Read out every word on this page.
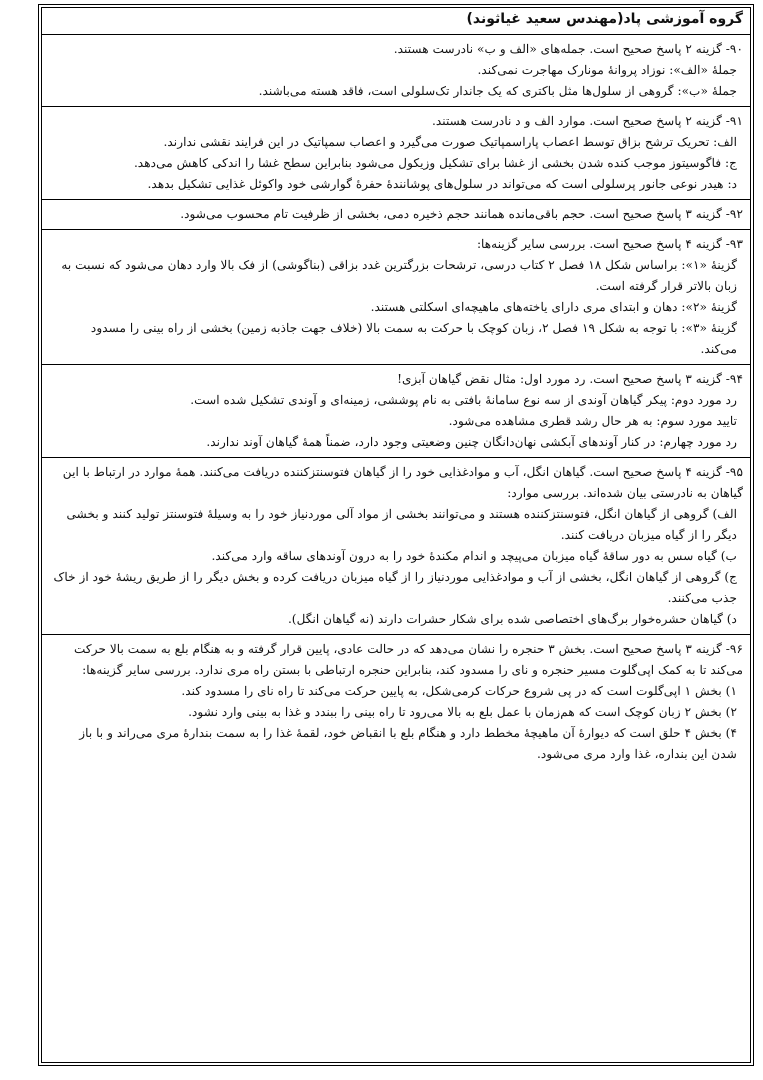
گروه آموزشی پاد(مهندس سعید غیاثوند)

۹۰- گزینه ۲ پاسخ صحیح است. جمله‌های «الف و ب» نادرست هستند.

جملهٔ «الف»: نوزاد پروانهٔ مونارک مهاجرت نمی‌کند.

جملهٔ «ب»: گروهی از سلول‌ها مثل باکتری که یک جاندار تک‌سلولی است، فاقد هسته می‌باشند.

۹۱- گزینه ۲ پاسخ صحیح است. موارد الف و د نادرست هستند.

الف: تحریک ترشح بزاق توسط اعصاب پاراسمپاتیک صورت می‌گیرد و اعصاب سمپاتیک در این فرایند نقشی ندارند.

ج: فاگوسیتوز موجب کنده شدن بخشی از غشا برای تشکیل وزیکول می‌شود بنابراین سطح غشا را اندکی کاهش می‌دهد.

د: هیدر نوعی جانور پرسلولی است که می‌تواند در سلول‌های پوشانندهٔ حفرهٔ گوارشی خود واکوئل غذایی تشکیل بدهد.

۹۲- گزینه ۳ پاسخ صحیح است. حجم باقی‌مانده همانند حجم ذخیره دمی، بخشی از ظرفیت تام محسوب می‌شود.

۹۳- گزینه ۴ پاسخ صحیح است. بررسی سایر گزینه‌ها:

گزینهٔ «۱»: براساس شکل ۱۸ فصل ۲ کتاب درسی، ترشحات بزرگترین غدد بزاقی (بناگوشی) از فک بالا وارد دهان می‌شود که نسبت به زبان بالاتر قرار گرفته است.

گزینهٔ «۲»: دهان و ابتدای مری دارای یاخته‌های ماهیچه‌ای اسکلتی هستند.

گزینهٔ «۳»: با توجه به شکل ۱۹ فصل ۲، زبان کوچک با حرکت به سمت بالا (خلاف جهت جاذبه زمین) بخشی از راه بینی را مسدود می‌کند.

۹۴- گزینه ۳ پاسخ صحیح است. رد مورد اول: مثال نقض گیاهان آبزی!

رد مورد دوم: پیکر گیاهان آوندی از سه نوع سامانهٔ بافتی به نام پوششی، زمینه‌ای و آوندی تشکیل شده است.

تایید مورد سوم: به هر حال رشد قطری مشاهده می‌شود.

رد مورد چهارم: در کنار آوندهای آبکشی نهان‌دانگان چنین وضعیتی وجود دارد، ضمناً همهٔ گیاهان آوند ندارند.

۹۵- گزینه ۴ پاسخ صحیح است. گیاهان انگل، آب و موادغذایی خود را از گیاهان فتوسنتزکننده دریافت می‌کنند. همهٔ موارد در ارتباط با این گیاهان به نادرستی بیان شده‌اند. بررسی موارد:

الف) گروهی از گیاهان انگل، فتوسنتزکننده هستند و می‌توانند بخشی از مواد آلی موردنیاز خود را به وسیلهٔ فتوسنتز تولید کنند و بخشی دیگر را از گیاه میزبان دریافت کنند.

ب) گیاه سس به دور ساقهٔ گیاه میزبان می‌پیچد و اندام مکندهٔ خود را به درون آوندهای ساقه وارد می‌کند.

ج) گروهی از گیاهان انگل، بخشی از آب و موادغذایی موردنیاز را از گیاه میزبان دریافت کرده و بخش دیگر را از طریق ریشهٔ خود از خاک جذب می‌کنند.

د) گیاهان حشره‌خوار برگ‌های اختصاصی شده برای شکار حشرات دارند (نه گیاهان انگل).

۹۶- گزینه ۳ پاسخ صحیح است. بخش ۳ حنجره را نشان می‌دهد که در حالت عادی، پایین قرار گرفته و به هنگام بلع به سمت بالا حرکت می‌کند تا به کمک اپی‌گلوت مسیر حنجره و نای را مسدود کند، بنابراین حنجره ارتباطی با بستن راه مری ندارد. بررسی سایر گزینه‌ها:

۱) بخش ۱ اپی‌گلوت است که در پی شروع حرکات کرمی‌شکل، به پایین حرکت می‌کند تا راه نای را مسدود کند.

۲) بخش ۲ زبان کوچک است که هم‌زمان با عمل بلع به بالا می‌رود تا راه بینی را ببندد و غذا به بینی وارد نشود.

۴) بخش ۴ حلق است که دیوارهٔ آن ماهیچهٔ مخطط دارد و هنگام بلع با انقباض خود، لقمهٔ غذا را به سمت بندارهٔ مری می‌راند و با باز شدن این بنداره، غذا وارد مری می‌شود.
